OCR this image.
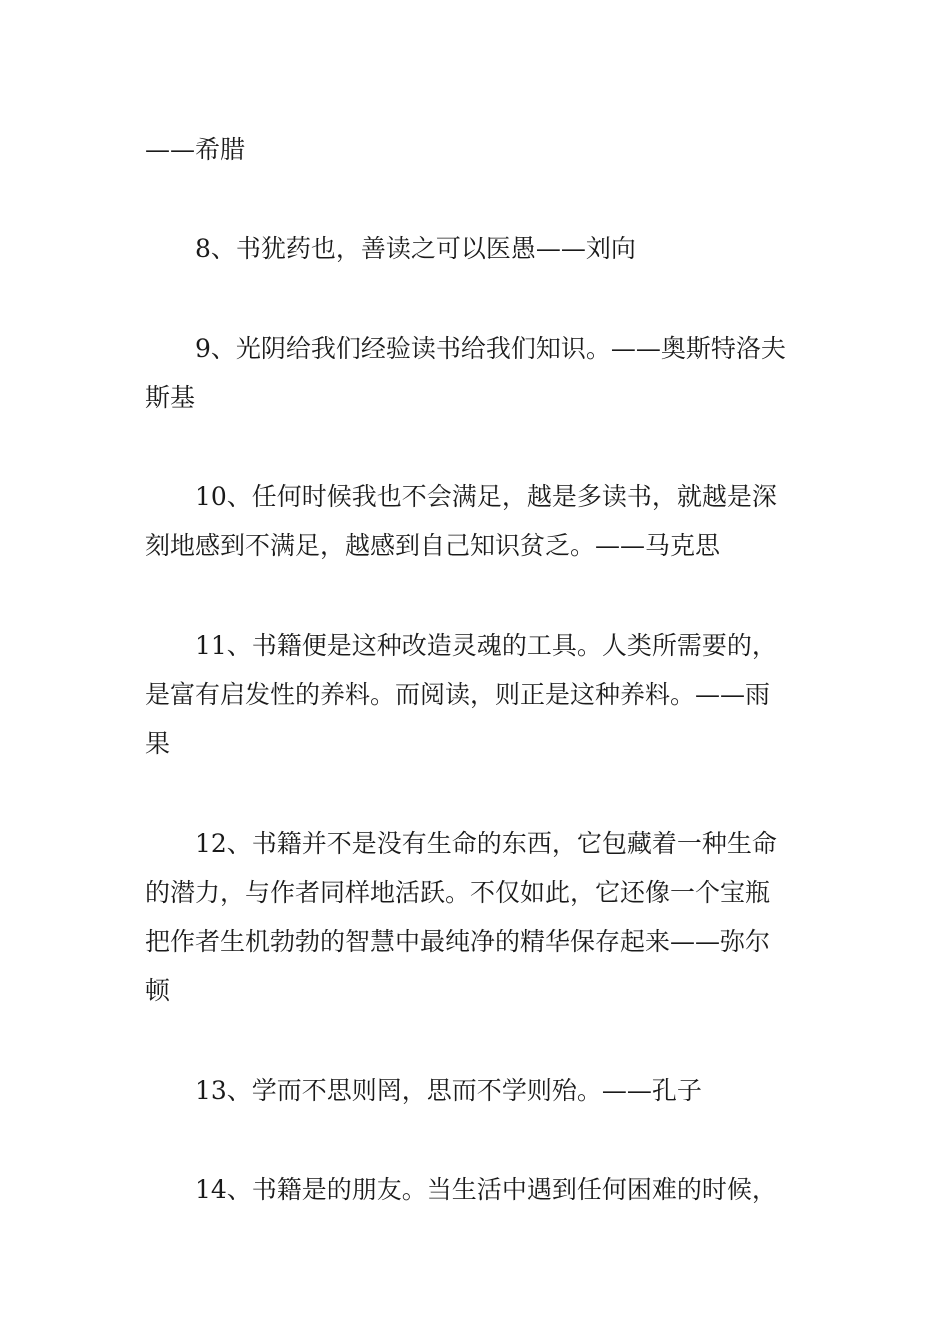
——希腊
8、书犹药也，善读之可以医愚——刘向
9、光阴给我们经验读书给我们知识。——奥斯特洛夫
斯基
10、任何时候我也不会满足，越是多读书，就越是深
刻地感到不满足，越感到自己知识贫乏。——马克思
11、书籍便是这种改造灵魂的工具。人类所需要的，
是富有启发性的养料。而阅读，则正是这种养料。——雨
果
12、书籍并不是没有生命的东西，它包藏着一种生命
的潜力，与作者同样地活跃。不仅如此，它还像一个宝瓶
把作者生机勃勃的智慧中最纯净的精华保存起来——弥尔
顿
13、学而不思则罔，思而不学则殆。——孔子
14、书籍是的朋友。当生活中遇到任何困难的时候，
